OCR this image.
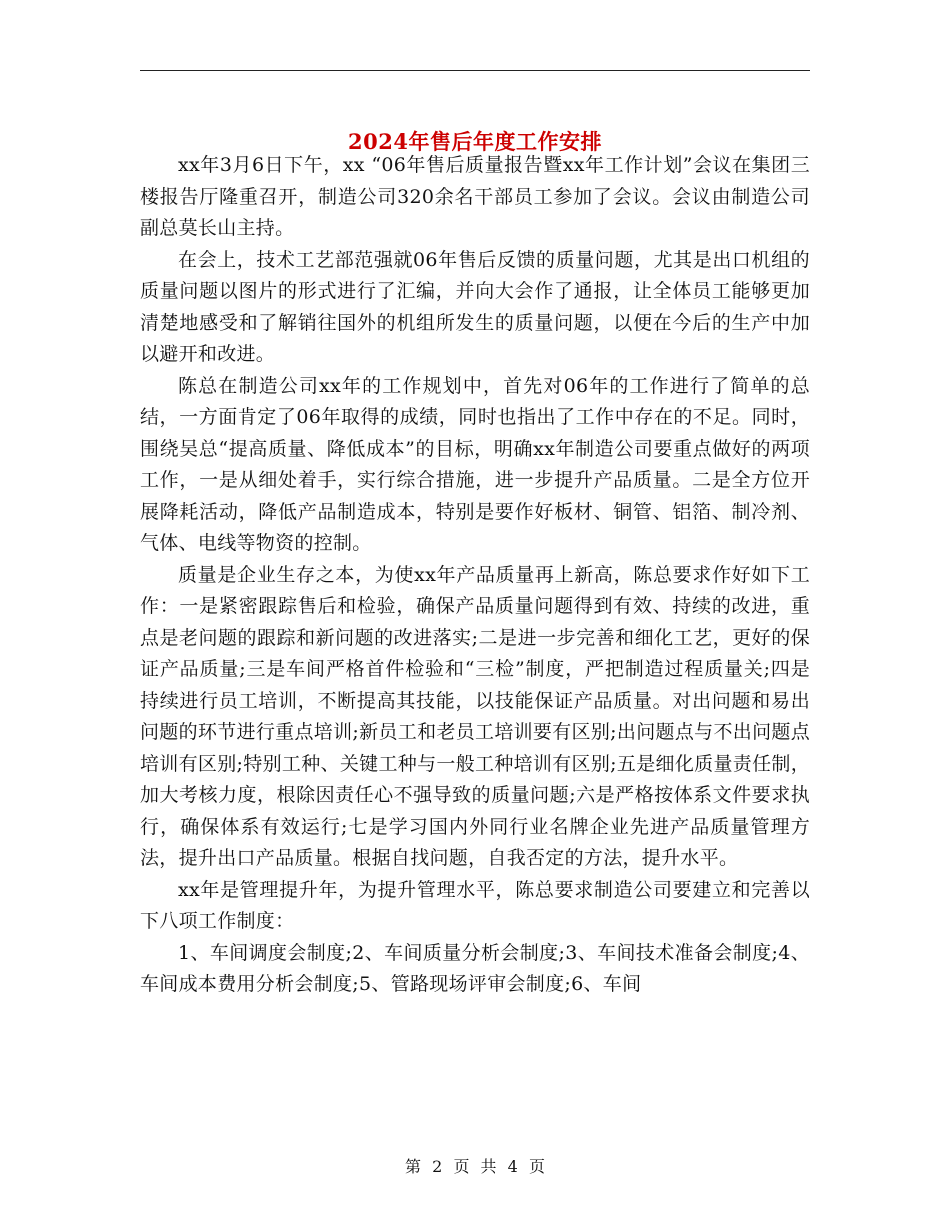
2024年售后年度工作安排

xx年3月6日下午，xx “06年售后质量报告暨xx年工作计划”会议在集团三楼报告厅隆重召开，制造公司320余名干部员工参加了会议。会议由制造公司副总莫长山主持。

在会上，技术工艺部范强就06年售后反馈的质量问题，尤其是出口机组的质量问题以图片的形式进行了汇编，并向大会作了通报，让全体员工能够更加清楚地感受和了解销往国外的机组所发生的质量问题，以便在今后的生产中加以避开和改进。

陈总在制造公司xx年的工作规划中，首先对06年的工作进行了简单的总结，一方面肯定了06年取得的成绩，同时也指出了工作中存在的不足。同时，围绕吴总“提高质量、降低成本”的目标，明确xx年制造公司要重点做好的两项工作，一是从细处着手，实行综合措施，进一步提升产品质量。二是全方位开展降耗活动，降低产品制造成本，特别是要作好板材、铜管、铝箔、制冷剂、气体、电线等物资的控制。

质量是企业生存之本，为使xx年产品质量再上新高，陈总要求作好如下工作：一是紧密跟踪售后和检验，确保产品质量问题得到有效、持续的改进，重点是老问题的跟踪和新问题的改进落实;二是进一步完善和细化工艺，更好的保证产品质量;三是车间严格首件检验和“三检”制度，严把制造过程质量关;四是持续进行员工培训，不断提高其技能，以技能保证产品质量。对出问题和易出问题的环节进行重点培训;新员工和老员工培训要有区别;出问题点与不出问题点培训有区别;特别工种、关键工种与一般工种培训有区别;五是细化质量责任制，加大考核力度，根除因责任心不强导致的质量问题;六是严格按体系文件要求执行，确保体系有效运行;七是学习国内外同行业名牌企业先进产品质量管理方法，提升出口产品质量。根据自找问题，自我否定的方法，提升水平。

xx年是管理提升年，为提升管理水平，陈总要求制造公司要建立和完善以下八项工作制度：

1、车间调度会制度;2、车间质量分析会制度;3、车间技术准备会制度;4、车间成本费用分析会制度;5、管路现场评审会制度;6、车间

第 2 页 共 4 页
